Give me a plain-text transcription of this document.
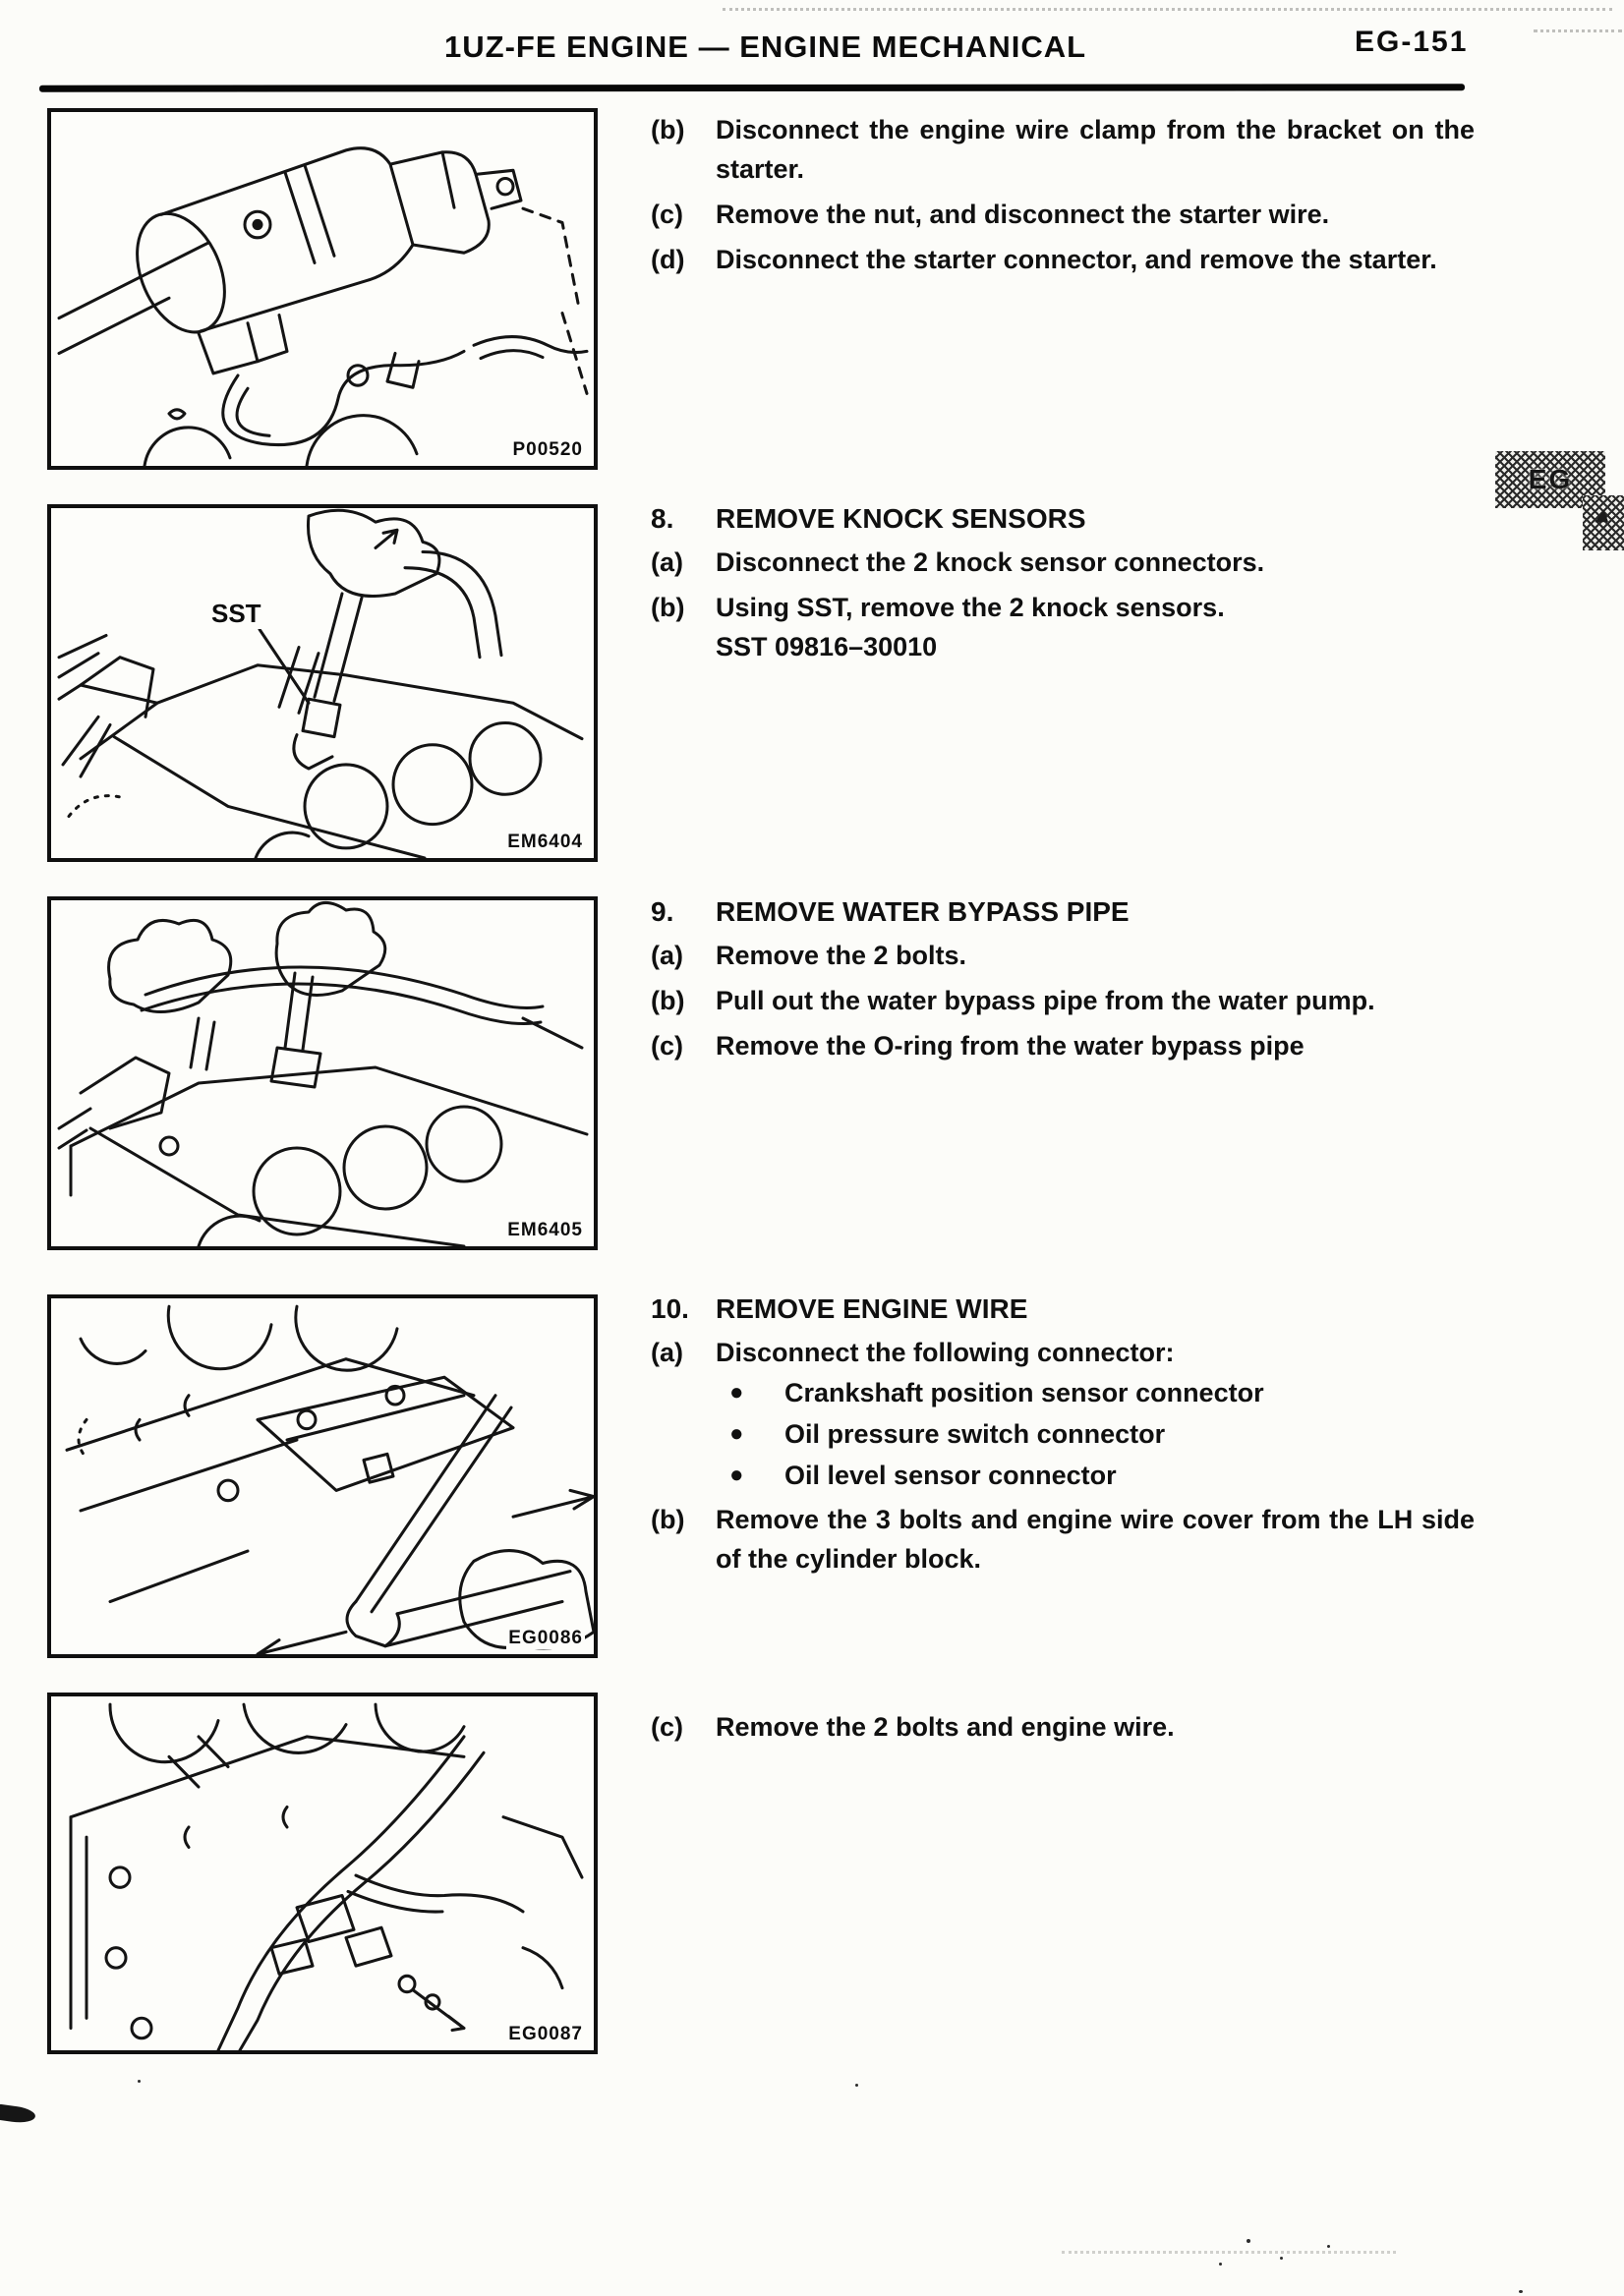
1UZ-FE ENGINE — ENGINE MECHANICAL	EG-151
EG
P00520
(b)	Disconnect the engine wire clamp from the bracket on the starter.
(c)	Remove the nut, and disconnect the starter wire.
(d)	Disconnect the starter connector, and remove the starter.
SST
EM6404
8.	REMOVE KNOCK SENSORS
(a)	Disconnect the 2 knock sensor connectors.
(b)	Using SST, remove the 2 knock sensors.
SST 09816–30010
EM6405
9.	REMOVE WATER BYPASS PIPE
(a)	Remove the 2 bolts.
(b)	Pull out the water bypass pipe from the water pump.
(c)	Remove the O-ring from the water bypass pipe
EG0086
10. REMOVE ENGINE WIRE
(a)	Disconnect the following connector:
●	Crankshaft position sensor connector
●	Oil pressure switch connector
●	Oil level sensor connector
(b)	Remove the 3 bolts and engine wire cover from the LH side of the cylinder block.
EG0087
(c)	Remove the 2 bolts and engine wire.
